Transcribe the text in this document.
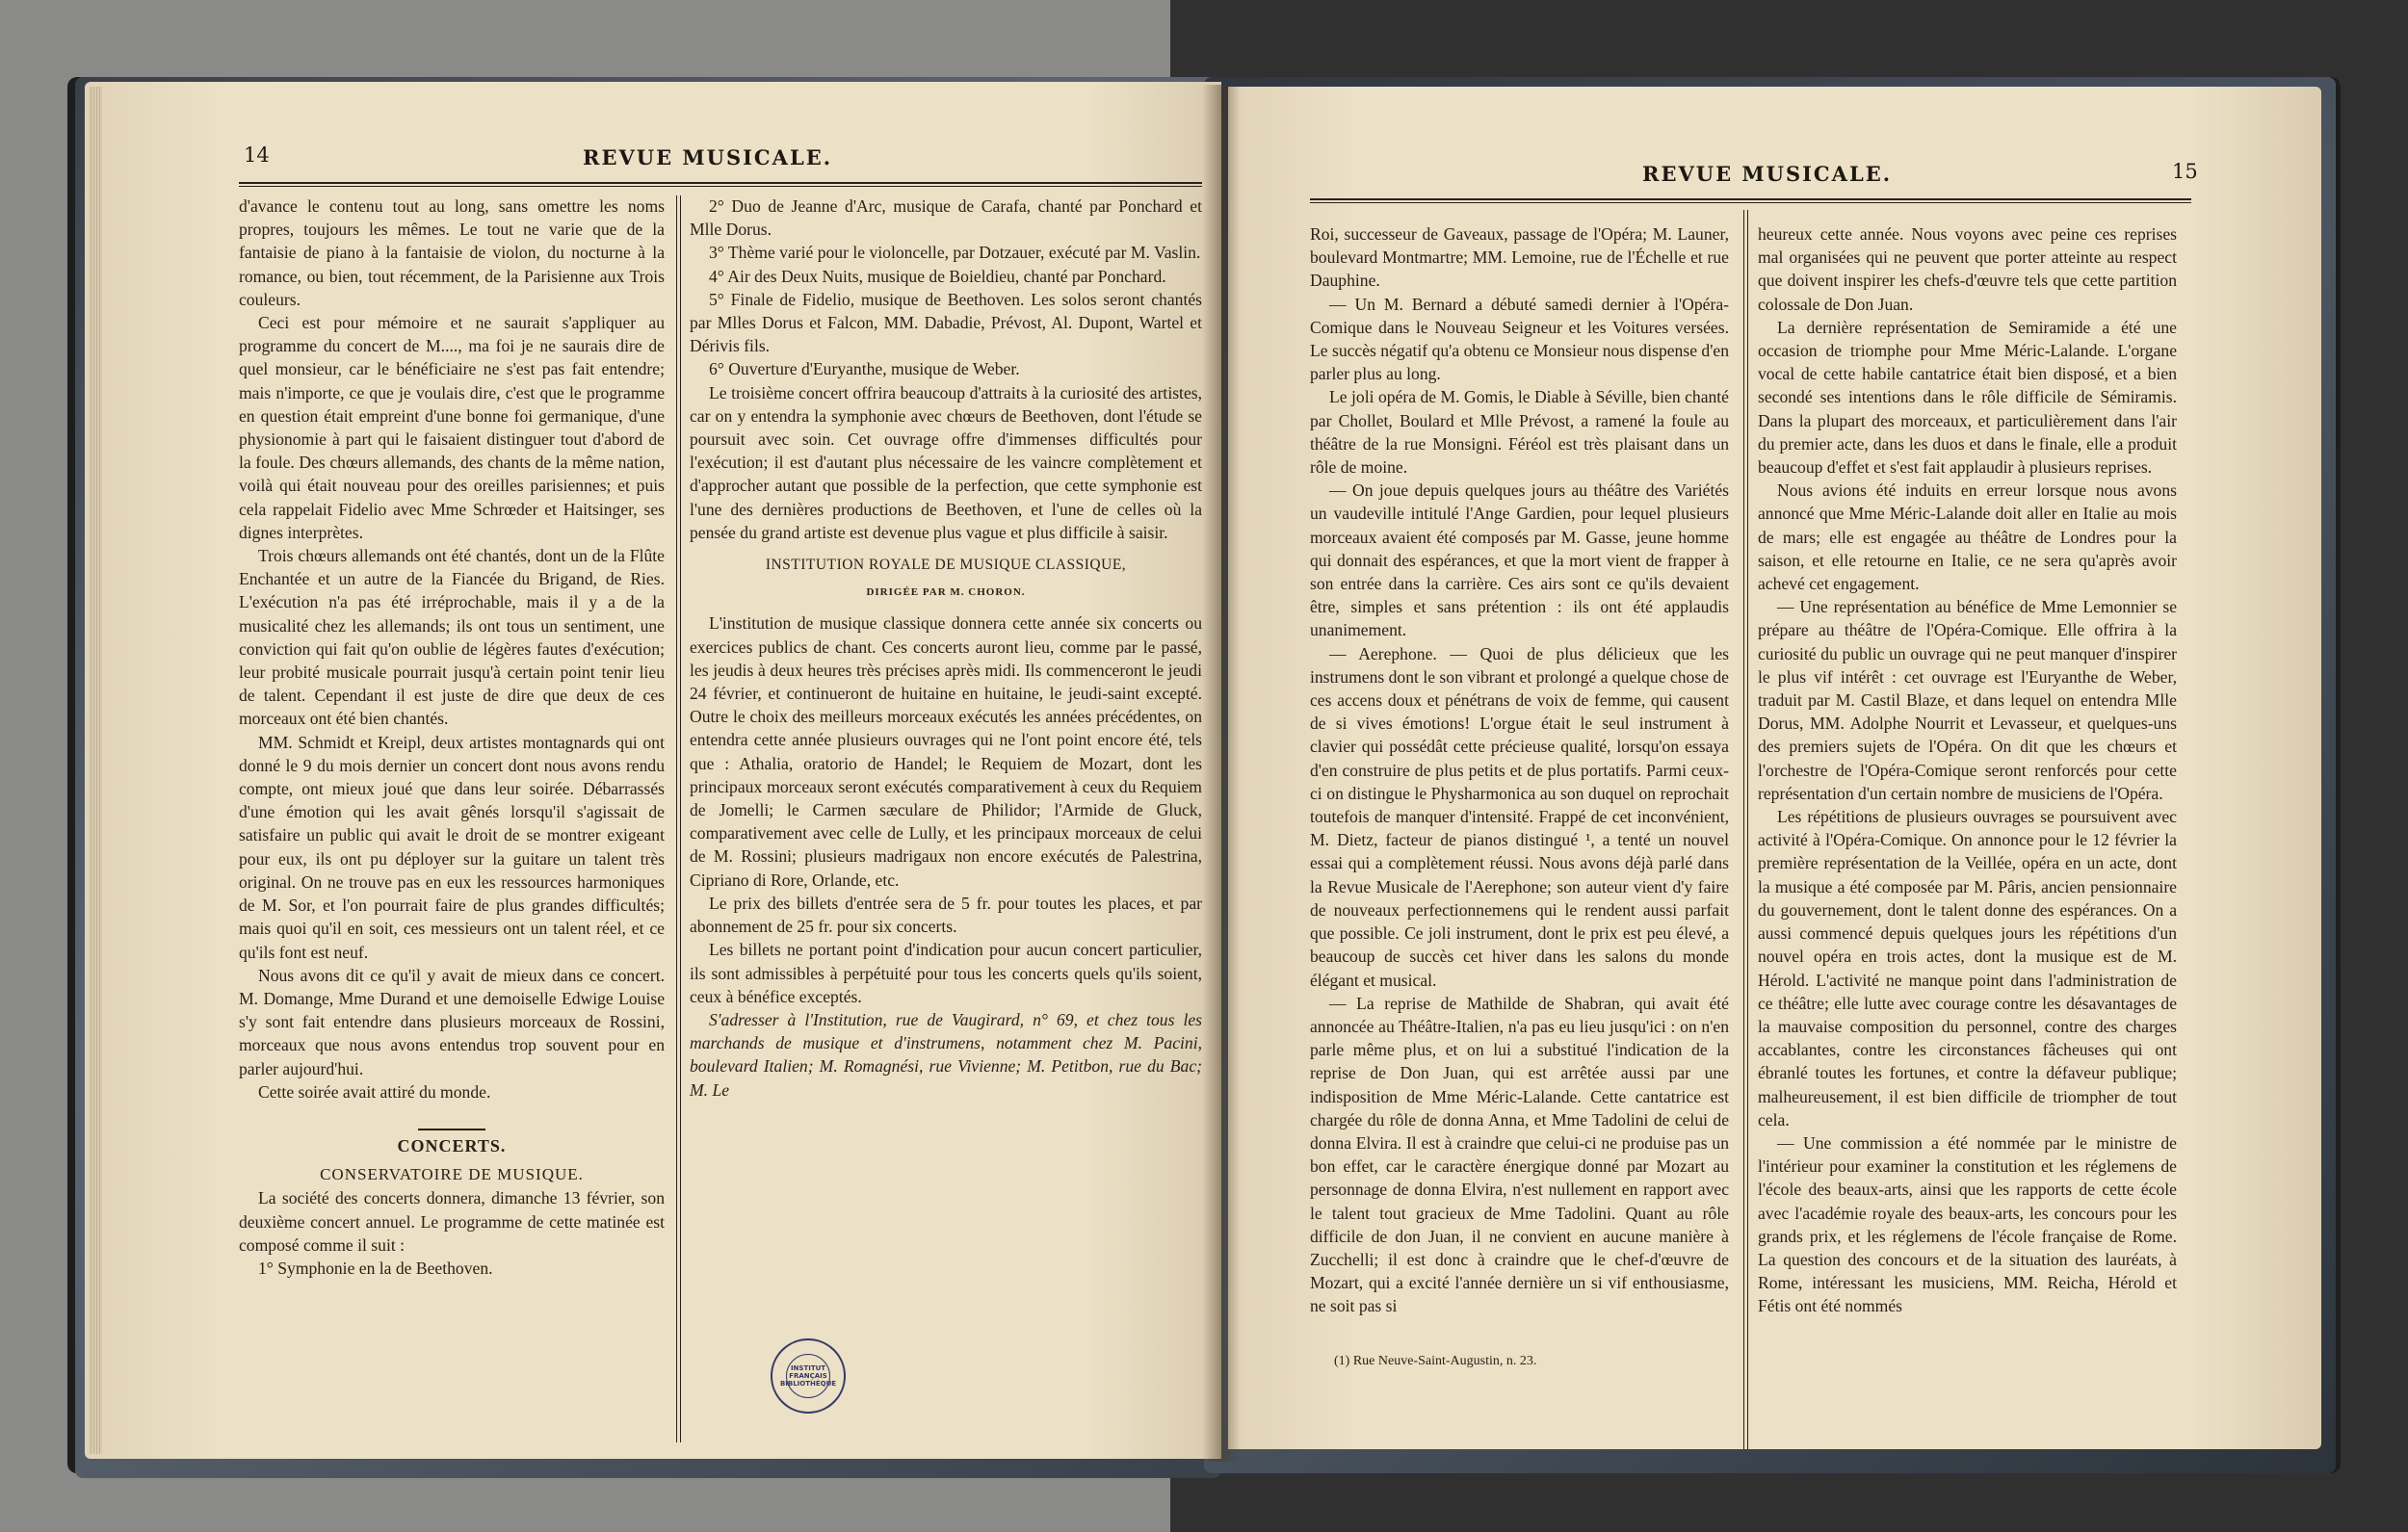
14	REVUE MUSICALE.

d'avance le contenu tout au long, sans omettre les noms propres, toujours les mêmes. Le tout ne varie que de la fantaisie de piano à la fantaisie de violon, du nocturne à la romance, ou bien, tout récemment, de la Parisienne aux Trois couleurs.

Ceci est pour mémoire et ne saurait s'appliquer au programme du concert de M...., ma foi je ne saurais dire de quel monsieur, car le bénéficiaire ne s'est pas fait entendre; mais n'importe, ce que je voulais dire, c'est que le programme en question était empreint d'une bonne foi germanique, d'une physionomie à part qui le faisaient distinguer tout d'abord de la foule. Des chœurs allemands, des chants de la même nation, voilà qui était nouveau pour des oreilles parisiennes; et puis cela rappelait Fidelio avec Mme Schrœder et Haitsinger, ses dignes interprètes.

Trois chœurs allemands ont été chantés, dont un de la Flûte Enchantée et un autre de la Fiancée du Brigand, de Ries. L'exécution n'a pas été irréprochable, mais il y a de la musicalité chez les allemands; ils ont tous un sentiment, une conviction qui fait qu'on oublie de légères fautes d'exécution; leur probité musicale pourrait jusqu'à certain point tenir lieu de talent. Cependant il est juste de dire que deux de ces morceaux ont été bien chantés.

MM. Schmidt et Kreipl, deux artistes montagnards qui ont donné le 9 du mois dernier un concert dont nous avons rendu compte, ont mieux joué que dans leur soirée. Débarrassés d'une émotion qui les avait gênés lorsqu'il s'agissait de satisfaire un public qui avait le droit de se montrer exigeant pour eux, ils ont pu déployer sur la guitare un talent très original. On ne trouve pas en eux les ressources harmoniques de M. Sor, et l'on pourrait faire de plus grandes difficultés; mais quoi qu'il en soit, ces messieurs ont un talent réel, et ce qu'ils font est neuf.

Nous avons dit ce qu'il y avait de mieux dans ce concert. M. Domange, Mme Durand et une demoiselle Edwige Louise s'y sont fait entendre dans plusieurs morceaux de Rossini, morceaux que nous avons entendus trop souvent pour en parler aujourd'hui.

Cette soirée avait attiré du monde.

CONCERTS.

CONSERVATOIRE DE MUSIQUE.

La société des concerts donnera, dimanche 13 février, son deuxième concert annuel. Le programme de cette matinée est composé comme il suit :

1° Symphonie en la de Beethoven.

2° Duo de Jeanne d'Arc, musique de Carafa, chanté par Ponchard et Mlle Dorus.

3° Thème varié pour le violoncelle, par Dotzauer, exécuté par M. Vaslin.

4° Air des Deux Nuits, musique de Boieldieu, chanté par Ponchard.

5° Finale de Fidelio, musique de Beethoven. Les solos seront chantés par Mlles Dorus et Falcon, MM. Dabadie, Prévost, Al. Dupont, Wartel et Dérivis fils.

6° Ouverture d'Euryanthe, musique de Weber.

Le troisième concert offrira beaucoup d'attraits à la curiosité des artistes, car on y entendra la symphonie avec chœurs de Beethoven, dont l'étude se poursuit avec soin. Cet ouvrage offre d'immenses difficultés pour l'exécution; il est d'autant plus nécessaire de les vaincre complètement et d'approcher autant que possible de la perfection, que cette symphonie est l'une des dernières productions de Beethoven, et l'une de celles où la pensée du grand artiste est devenue plus vague et plus difficile à saisir.

INSTITUTION ROYALE DE MUSIQUE CLASSIQUE,

DIRIGÉE PAR M. CHORON.

L'institution de musique classique donnera cette année six concerts ou exercices publics de chant. Ces concerts auront lieu, comme par le passé, les jeudis à deux heures très précises après midi. Ils commenceront le jeudi 24 février, et continueront de huitaine en huitaine, le jeudi-saint excepté. Outre le choix des meilleurs morceaux exécutés les années précédentes, on entendra cette année plusieurs ouvrages qui ne l'ont point encore été, tels que : Athalia, oratorio de Handel; le Requiem de Mozart, dont les principaux morceaux seront exécutés comparativement à ceux du Requiem de Jomelli; le Carmen sæculare de Philidor; l'Armide de Gluck, comparativement avec celle de Lully, et les principaux morceaux de celui de M. Rossini; plusieurs madrigaux non encore exécutés de Palestrina, Cipriano di Rore, Orlande, etc.

Le prix des billets d'entrée sera de 5 fr. pour toutes les places, et par abonnement de 25 fr. pour six concerts.

Les billets ne portant point d'indication pour aucun concert particulier, ils sont admissibles à perpétuité pour tous les concerts quels qu'ils soient, ceux à bénéfice exceptés.

S'adresser à l'Institution, rue de Vaugirard, n° 69, et chez tous les marchands de musique et d'instrumens, notamment chez M. Pacini, boulevard Italien; M. Romagnési, rue Vivienne; M. Petitbon, rue du Bac; M. Le

INSTITUT FRANÇAIS BIBLIOTHÈQUE
REVUE MUSICALE.	15

Roi, successeur de Gaveaux, passage de l'Opéra; M. Launer, boulevard Montmartre; MM. Lemoine, rue de l'Échelle et rue Dauphine.

— Un M. Bernard a débuté samedi dernier à l'Opéra-Comique dans le Nouveau Seigneur et les Voitures versées. Le succès négatif qu'a obtenu ce Monsieur nous dispense d'en parler plus au long.

Le joli opéra de M. Gomis, le Diable à Séville, bien chanté par Chollet, Boulard et Mlle Prévost, a ramené la foule au théâtre de la rue Monsigni. Féréol est très plaisant dans un rôle de moine.

— On joue depuis quelques jours au théâtre des Variétés un vaudeville intitulé l'Ange Gardien, pour lequel plusieurs morceaux avaient été composés par M. Gasse, jeune homme qui donnait des espérances, et que la mort vient de frapper à son entrée dans la carrière. Ces airs sont ce qu'ils devaient être, simples et sans prétention : ils ont été applaudis unanimement.

— Aerephone. — Quoi de plus délicieux que les instrumens dont le son vibrant et prolongé a quelque chose de ces accens doux et pénétrans de voix de femme, qui causent de si vives émotions! L'orgue était le seul instrument à clavier qui possédât cette précieuse qualité, lorsqu'on essaya d'en construire de plus petits et de plus portatifs. Parmi ceux-ci on distingue le Physharmonica au son duquel on reprochait toutefois de manquer d'intensité. Frappé de cet inconvénient, M. Dietz, facteur de pianos distingué ¹, a tenté un nouvel essai qui a complètement réussi. Nous avons déjà parlé dans la Revue Musicale de l'Aerephone; son auteur vient d'y faire de nouveaux perfectionnemens qui le rendent aussi parfait que possible. Ce joli instrument, dont le prix est peu élevé, a beaucoup de succès cet hiver dans les salons du monde élégant et musical.

— La reprise de Mathilde de Shabran, qui avait été annoncée au Théâtre-Italien, n'a pas eu lieu jusqu'ici : on n'en parle même plus, et on lui a substitué l'indication de la reprise de Don Juan, qui est arrêtée aussi par une indisposition de Mme Méric-Lalande. Cette cantatrice est chargée du rôle de donna Anna, et Mme Tadolini de celui de donna Elvira. Il est à craindre que celui-ci ne produise pas un bon effet, car le caractère énergique donné par Mozart au personnage de donna Elvira, n'est nullement en rapport avec le talent tout gracieux de Mme Tadolini. Quant au rôle difficile de don Juan, il ne convient en aucune manière à Zucchelli; il est donc à craindre que le chef-d'œuvre de Mozart, qui a excité l'année dernière un si vif enthousiasme, ne soit pas si

(1) Rue Neuve-Saint-Augustin, n. 23.

heureux cette année. Nous voyons avec peine ces reprises mal organisées qui ne peuvent que porter atteinte au respect que doivent inspirer les chefs-d'œuvre tels que cette partition colossale de Don Juan.

La dernière représentation de Semiramide a été une occasion de triomphe pour Mme Méric-Lalande. L'organe vocal de cette habile cantatrice était bien disposé, et a bien secondé ses intentions dans le rôle difficile de Sémiramis. Dans la plupart des morceaux, et particulièrement dans l'air du premier acte, dans les duos et dans le finale, elle a produit beaucoup d'effet et s'est fait applaudir à plusieurs reprises.

Nous avions été induits en erreur lorsque nous avons annoncé que Mme Méric-Lalande doit aller en Italie au mois de mars; elle est engagée au théâtre de Londres pour la saison, et elle retourne en Italie, ce ne sera qu'après avoir achevé cet engagement.

— Une représentation au bénéfice de Mme Lemonnier se prépare au théâtre de l'Opéra-Comique. Elle offrira à la curiosité du public un ouvrage qui ne peut manquer d'inspirer le plus vif intérêt : cet ouvrage est l'Euryanthe de Weber, traduit par M. Castil Blaze, et dans lequel on entendra Mlle Dorus, MM. Adolphe Nourrit et Levasseur, et quelques-uns des premiers sujets de l'Opéra. On dit que les chœurs et l'orchestre de l'Opéra-Comique seront renforcés pour cette représentation d'un certain nombre de musiciens de l'Opéra.

Les répétitions de plusieurs ouvrages se poursuivent avec activité à l'Opéra-Comique. On annonce pour le 12 février la première représentation de la Veillée, opéra en un acte, dont la musique a été composée par M. Pâris, ancien pensionnaire du gouvernement, dont le talent donne des espérances. On a aussi commencé depuis quelques jours les répétitions d'un nouvel opéra en trois actes, dont la musique est de M. Hérold. L'activité ne manque point dans l'administration de ce théâtre; elle lutte avec courage contre les désavantages de la mauvaise composition du personnel, contre des charges accablantes, contre les circonstances fâcheuses qui ont ébranlé toutes les fortunes, et contre la défaveur publique; malheureusement, il est bien difficile de triompher de tout cela.

— Une commission a été nommée par le ministre de l'intérieur pour examiner la constitution et les réglemens de l'école des beaux-arts, ainsi que les rapports de cette école avec l'académie royale des beaux-arts, les concours pour les grands prix, et les réglemens de l'école française de Rome. La question des concours et de la situation des lauréats, à Rome, intéressant les musiciens, MM. Reicha, Hérold et Fétis ont été nommés
